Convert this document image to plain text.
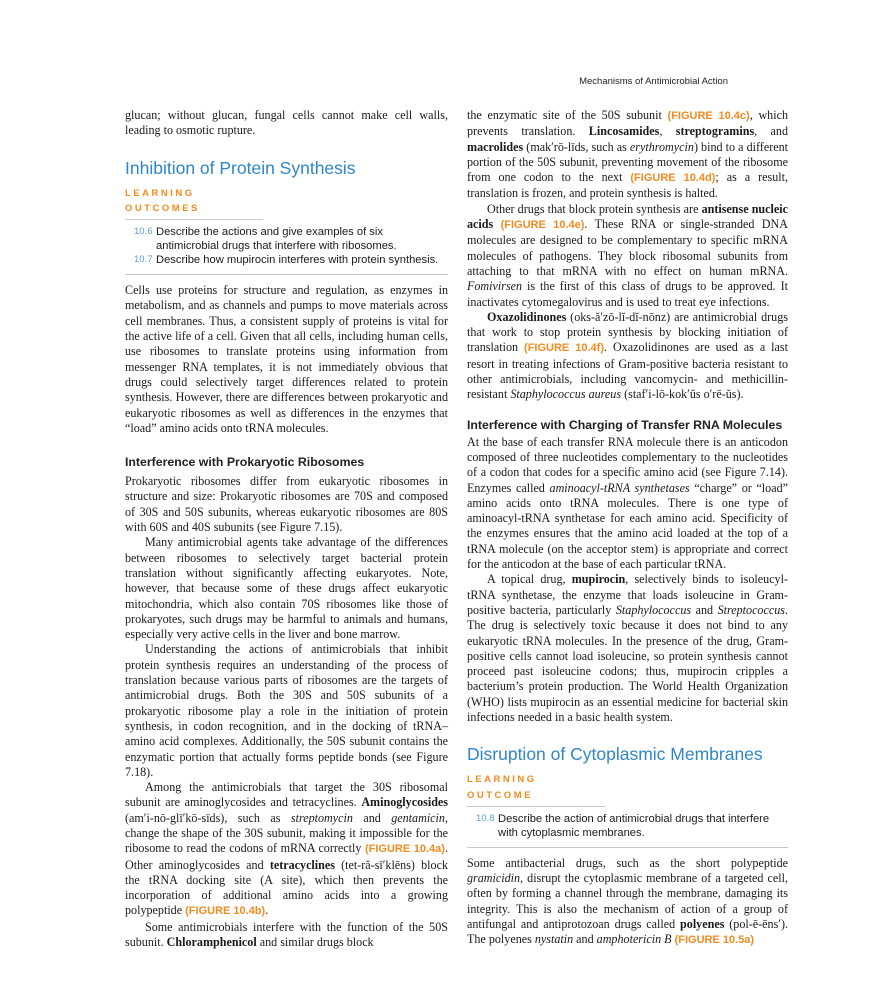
Mechanisms of Antimicrobial Action

glucan; without glucan, fungal cells cannot make cell walls, leading to osmotic rupture.

Inhibition of Protein Synthesis
LEARNING OUTCOMES
10.6 Describe the actions and give examples of six antimicrobial drugs that interfere with ribosomes.
10.7 Describe how mupirocin interferes with protein synthesis.

Cells use proteins for structure and regulation, as enzymes in metabolism, and as channels and pumps to move materials across cell membranes. Thus, a consistent supply of proteins is vital for the active life of a cell. Given that all cells, including human cells, use ribosomes to translate proteins using information from messenger RNA templates, it is not immediately obvious that drugs could selectively target differences related to protein synthesis. However, there are differences between prokaryotic and eukaryotic ribosomes as well as differences in the enzymes that “load” amino acids onto tRNA molecules.

Interference with Prokaryotic Ribosomes

Prokaryotic ribosomes differ from eukaryotic ribosomes in structure and size: Prokaryotic ribosomes are 70S and composed of 30S and 50S subunits, whereas eukaryotic ribosomes are 80S with 60S and 40S subunits (see Figure 7.15).

Many antimicrobial agents take advantage of the differences between ribosomes to selectively target bacterial protein translation without significantly affecting eukaryotes. Note, however, that because some of these drugs affect eukaryotic mitochondria, which also contain 70S ribosomes like those of prokaryotes, such drugs may be harmful to animals and humans, especially very active cells in the liver and bone marrow.

Understanding the actions of antimicrobials that inhibit protein synthesis requires an understanding of the process of translation because various parts of ribosomes are the targets of antimicrobial drugs. Both the 30S and 50S subunits of a prokaryotic ribosome play a role in the initiation of protein synthesis, in codon recognition, and in the docking of tRNA–amino acid complexes. Additionally, the 50S subunit contains the enzymatic portion that actually forms peptide bonds (see Figure 7.18).

Among the antimicrobials that target the 30S ribosomal subunit are aminoglycosides and tetracyclines. Aminoglycosides (am′i-nō-glī′kō-sīds), such as streptomycin and gentamicin, change the shape of the 30S subunit, making it impossible for the ribosome to read the codons of mRNA correctly (FIGURE 10.4a). Other aminoglycosides and tetracyclines (tet-ră-sī′klēns) block the tRNA docking site (A site), which then prevents the incorporation of additional amino acids into a growing polypeptide (FIGURE 10.4b).

Some antimicrobials interfere with the function of the 50S subunit. Chloramphenicol and similar drugs block

the enzymatic site of the 50S subunit (FIGURE 10.4c), which prevents translation. Lincosamides, streptogramins, and macrolides (mak′rō-līds, such as erythromycin) bind to a different portion of the 50S subunit, preventing movement of the ribosome from one codon to the next (FIGURE 10.4d); as a result, translation is frozen, and protein synthesis is halted.

Other drugs that block protein synthesis are antisense nucleic acids (FIGURE 10.4e). These RNA or single-stranded DNA molecules are designed to be complementary to specific mRNA molecules of pathogens. They block ribosomal subunits from attaching to that mRNA with no effect on human mRNA. Fomivirsen is the first of this class of drugs to be approved. It inactivates cytomegalovirus and is used to treat eye infections.

Oxazolidinones (oks-ă′zō-lĭ-dĭ-nōnz) are antimicrobial drugs that work to stop protein synthesis by blocking initiation of translation (FIGURE 10.4f). Oxazolidinones are used as a last resort in treating infections of Gram-positive bacteria resistant to other antimicrobials, including vancomycin- and methicillin-resistant Staphylococcus aureus (staf′i-lō-kok′ŭs o′rē-ŭs).

Interference with Charging of Transfer RNA Molecules

At the base of each transfer RNA molecule there is an anticodon composed of three nucleotides complementary to the nucleotides of a codon that codes for a specific amino acid (see Figure 7.14). Enzymes called aminoacyl-tRNA synthetases “charge” or “load” amino acids onto tRNA molecules. There is one type of aminoacyl-tRNA synthetase for each amino acid. Specificity of the enzymes ensures that the amino acid loaded at the top of a tRNA molecule (on the acceptor stem) is appropriate and correct for the anticodon at the base of each particular tRNA.

A topical drug, mupirocin, selectively binds to isoleucyl-tRNA synthetase, the enzyme that loads isoleucine in Gram-positive bacteria, particularly Staphylococcus and Streptococcus. The drug is selectively toxic because it does not bind to any eukaryotic tRNA molecules. In the presence of the drug, Gram-positive cells cannot load isoleucine, so protein synthesis cannot proceed past isoleucine codons; thus, mupirocin cripples a bacterium’s protein production. The World Health Organization (WHO) lists mupirocin as an essential medicine for bacterial skin infections needed in a basic health system.

Disruption of Cytoplasmic Membranes
LEARNING OUTCOME
10.8 Describe the action of antimicrobial drugs that interfere with cytoplasmic membranes.

Some antibacterial drugs, such as the short polypeptide gramicidin, disrupt the cytoplasmic membrane of a targeted cell, often by forming a channel through the membrane, damaging its integrity. This is also the mechanism of action of a group of antifungal and antiprotozoan drugs called polyenes (pol-ē-ēns′). The polyenes nystatin and amphotericin B (FIGURE 10.5a)
